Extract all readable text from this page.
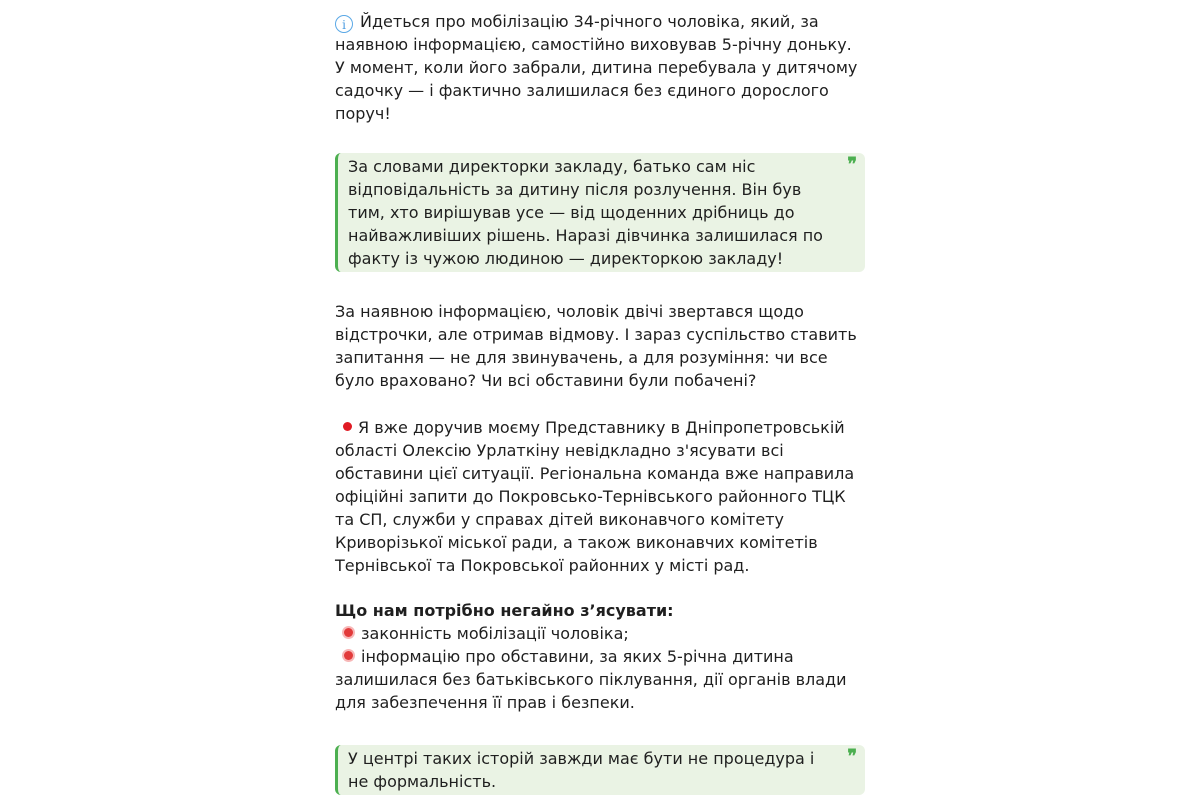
i Йдеться про мобілізацію 34-річного чоловіка, який, за наявною інформацією, самостійно виховував 5-річну доньку. У момент, коли його забрали, дитина перебувала у дитячому садочку — і фактично залишилася без єдиного дорослого поруч!

❞

За словами директорки закладу, батько сам ніс відповідальність за дитину після розлучення. Він був тим, хто вирішував усе — від щоденних дрібниць до найважливіших рішень. Наразі дівчинка залишилася по факту із чужою людиною — директоркою закладу!

За наявною інформацією, чоловік двічі звертався щодо відстрочки, але отримав відмову. І зараз суспільство ставить запитання — не для звинувачень, а для розуміння: чи все було враховано? Чи всі обставини були побачені?

Я вже доручив моєму Представнику в Дніпропетровській області Олексію Урлаткіну невідкладно з'ясувати всі обставини цієї ситуації. Регіональна команда вже направила офіційні запити до Покровсько-Тернівського районного ТЦК та СП, служби у справах дітей виконавчого комітету Криворізької міської ради, а також виконавчих комітетів Тернівської та Покровської районних у місті рад.

Що нам потрібно негайно з’ясувати:

законність мобілізації чоловіка;

інформацію про обставини, за яких 5-річна дитина залишилася без батьківського піклування, дії органів влади для забезпечення її прав і безпеки.

❞

У центрі таких історій завжди має бути не процедура і не формальність.
